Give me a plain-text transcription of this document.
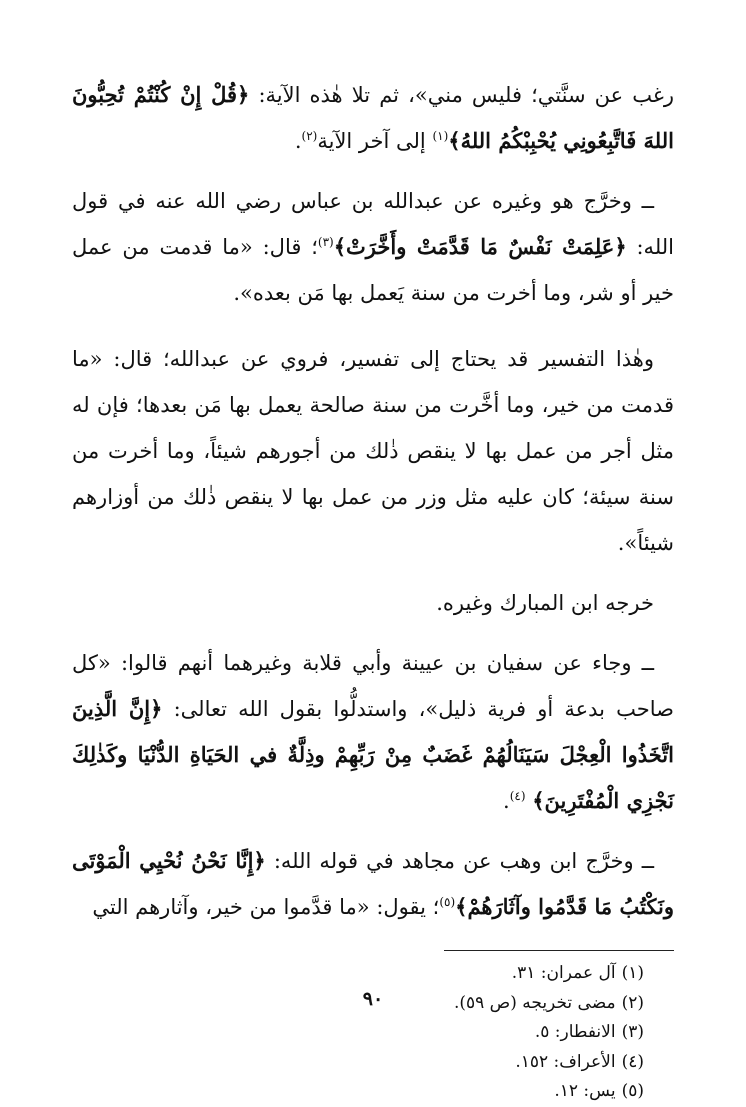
رغب عن سنَّتي؛ فليس مني»، ثم تلا هٰذه الآية: ﴿قُلْ إِنْ كُنْتُمْ تُحِبُّونَ اللهَ فَاتَّبِعُونِي يُحْبِبْكُمُ اللهُ﴾$^{(١)}$ إلى آخر الآية$^{(٢)}$.

ــ وخرَّج هو وغيره عن عبدالله بن عباس رضي الله عنه في قول الله: ﴿عَلِمَتْ نَفْسٌ مَا قَدَّمَتْ وأَخَّرَتْ﴾$^{(٣)}$؛ قال: «ما قدمت من عمل خير أو شر، وما أخرت من سنة يَعمل بها مَن بعده».

وهٰذا التفسير قد يحتاج إلى تفسير، فروي عن عبدالله؛ قال: «ما قدمت من خير، وما أخَّرت من سنة صالحة يعمل بها مَن بعدها؛ فإن له مثل أجر من عمل بها لا ينقص ذٰلك من أجورهم شيئاً، وما أخرت من سنة سيئة؛ كان عليه مثل وزر من عمل بها لا ينقص ذٰلك من أوزارهم شيئاً».

خرجه ابن المبارك وغيره.

ــ وجاء عن سفيان بن عيينة وأبي قلابة وغيرهما أنهم قالوا: «كل صاحب بدعة أو فرية ذليل»، واستدلُّوا بقول الله تعالى: ﴿إِنَّ الَّذِينَ اتَّخَذُوا الْعِجْلَ سَيَنَالُهُمْ غَضَبٌ مِنْ رَبِّهِمْ وذِلَّةٌ في الحَيَاةِ الدُّنْيَا وكَذٰلِكَ نَجْزِي الْمُفْتَرِينَ﴾ $^{(٤)}$.

ــ وخرَّج ابن وهب عن مجاهد في قوله الله: ﴿إِنَّا نَحْنُ نُحْيِي الْمَوْتَى ونَكْتُبُ مَا قَدَّمُوا وآثَارَهُمْ﴾$^{(٥)}$؛ يقول: «ما قدَّموا من خير، وآثارهم التي

(١)آل عمران: ٣١.

(٢)مضى تخريجه (ص ٥٩).

(٣)الانفطار: ٥.

(٤)الأعراف: ١٥٢.

(٥)يس: ١٢.

٩٠
